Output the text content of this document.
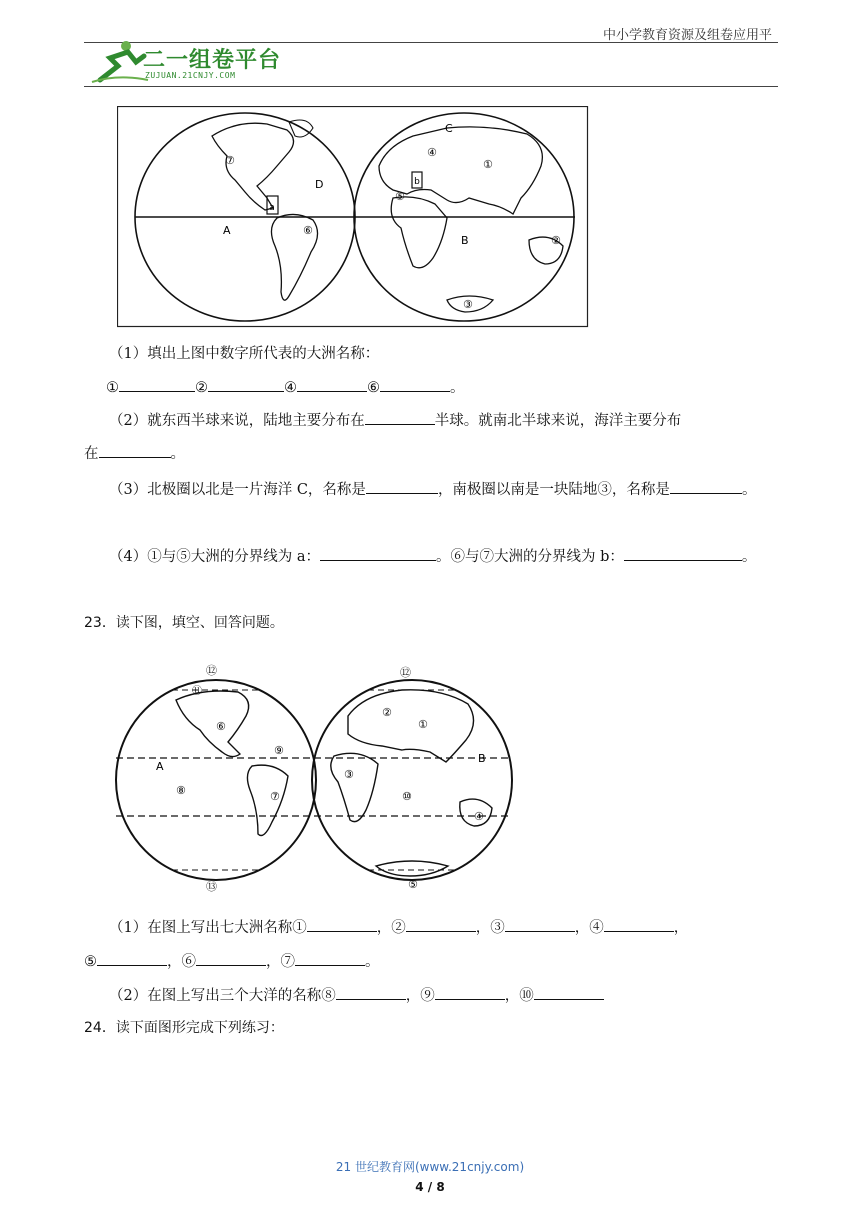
中小学教育资源及组卷应用平
二一组卷平台
ZUJUAN.21CNJY.COM
a
b
⑦
D
A	⑥
C
④
①
⑤
B	②
③
（1）填出上图中数字所代表的大洲名称：
①	②	④	⑥	。
（2）就东西半球来说，陆地主要分布在	半球。就南北半球来说，海洋主要分布
在	。
（3）北极圈以北是一片海洋 C，名称是	，南极圈以南是一块陆地③，名称是	。
（4）①与⑤大洲的分界线为 a：	。⑥与⑦大洲的分界线为 b：	。
23．读下图，填空、回答问题。
⑫	⑫
⑪
⑥
⑨
A
⑧	⑦
⑬
②
①
B
③
⑩
④
⑤
（1）在图上写出七大洲名称①	，②	，③	，④	，
⑤	，⑥	，⑦	。
（2）在图上写出三个大洋的名称⑧	，⑨	，⑩
24．读下面图形完成下列练习：
21 世纪教育网(www.21cnjy.com)
4 / 8
